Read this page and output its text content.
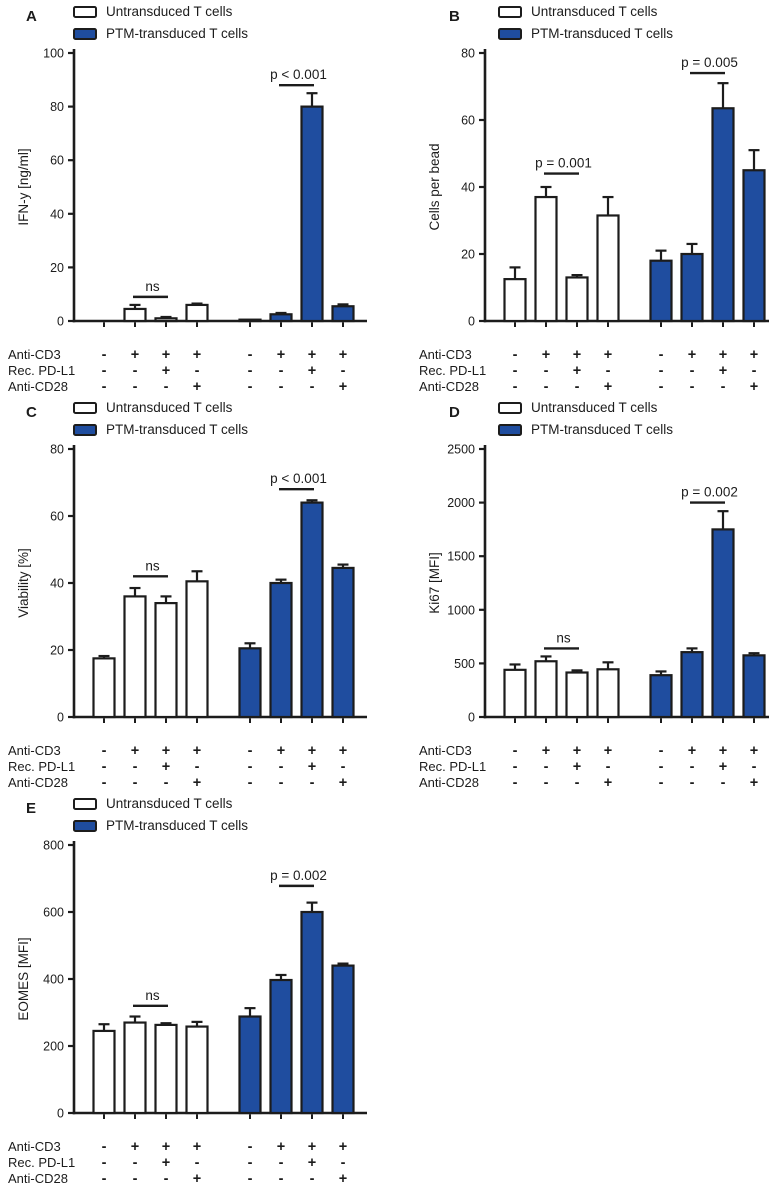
A	Untransduced T cells
PTM-transduced T cells
0
20
40
60
80
100
IFN-y [ng/ml]
ns
p < 0.001
Anti-CD3	- + + +	- + + +
Rec. PD-L1 - - + -	- - + -
Anti-CD28 - - - +	- - - +
B	Untransduced T cells
PTM-transduced T cells
0
20
40
60
80
Cells per bead	p = 0.001
p = 0.005
Anti-CD3	- + + +	- + + +
Rec. PD-L1 - - + -	- - + -
Anti-CD28 - - - +	- - - +
C	Untransduced T cells
PTM-transduced T cells
0
20
40
60
80
Viability [%]	ns
p < 0.001
Anti-CD3	- + + +	- + + +
Rec. PD-L1 - - + -	- - + -
Anti-CD28 - - - +	- - - +
D	Untransduced T cells
PTM-transduced T cells
0
500
1000
1500
2000
2500
Ki67 [MFI]
ns
p = 0.002
Anti-CD3	- + + +	- + + +
Rec. PD-L1 - - + -	- - + -
Anti-CD28 - - - +	- - - +
E	Untransduced T cells
PTM-transduced T cells
0
200
400
600
800
EOMES [MFI]	ns
p = 0.002
Anti-CD3	- + + +	- + + +
Rec. PD-L1 - - + -	- - + -
Anti-CD28 - - - +	- - - +
